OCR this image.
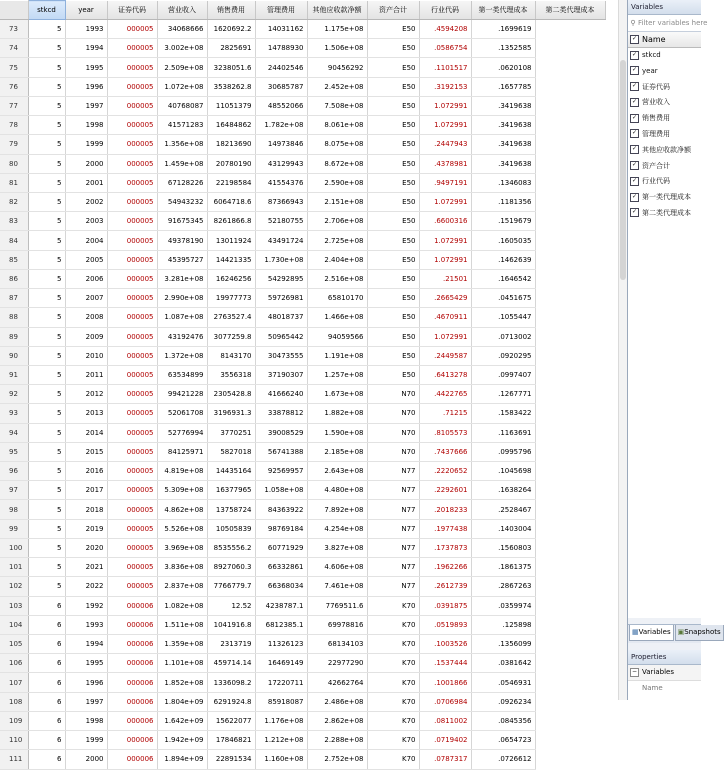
	stkcd	year	证券代码	营业收入	销售费用	管理费用	其他应收款净额	资产合计	行业代码	第一类代理成本	第二类代理成本
73	5	1993	000005	34068666	1620692.2	14031162	1.175e+08	E50	.4594208	.1699619	
74	5	1994	000005	3.002e+08	2825691	14788930	1.506e+08	E50	.0586754	.1352585	
75	5	1995	000005	2.509e+08	3238051.6	24402546	90456292	E50	.1101517	.0620108	
76	5	1996	000005	1.072e+08	3538262.8	30685787	2.452e+08	E50	.3192153	.1657785	
77	5	1997	000005	40768087	11051379	48552066	7.508e+08	E50	1.072991	.3419638	
78	5	1998	000005	41571283	16484862	1.782e+08	8.061e+08	E50	1.072991	.3419638	
79	5	1999	000005	1.356e+08	18213690	14973846	8.075e+08	E50	.2447943	.3419638	
80	5	2000	000005	1.459e+08	20780190	43129943	8.672e+08	E50	.4378981	.3419638	
81	5	2001	000005	67128226	22198584	41554376	2.590e+08	E50	.9497191	.1346083	
82	5	2002	000005	54943232	6064718.6	87366943	2.151e+08	E50	1.072991	.1181356	
83	5	2003	000005	91675345	8261866.8	52180755	2.706e+08	E50	.6600316	.1519679	
84	5	2004	000005	49378190	13011924	43491724	2.725e+08	E50	1.072991	.1605035	
85	5	2005	000005	45395727	14421335	1.730e+08	2.404e+08	E50	1.072991	.1462639	
86	5	2006	000005	3.281e+08	16246256	54292895	2.516e+08	E50	.21501	.1646542	
87	5	2007	000005	2.990e+08	19977773	59726981	65810170	E50	.2665429	.0451675	
88	5	2008	000005	1.087e+08	2763527.4	48018737	1.466e+08	E50	.4670911	.1055447	
89	5	2009	000005	43192476	3077259.8	50965442	94059566	E50	1.072991	.0713002	
90	5	2010	000005	1.372e+08	8143170	30473555	1.191e+08	E50	.2449587	.0920295	
91	5	2011	000005	63534899	3556318	37190307	1.257e+08	E50	.6413278	.0997407	
92	5	2012	000005	99421228	2305428.8	41666240	1.673e+08	N70	.4422765	.1267771	
93	5	2013	000005	52061708	3196931.3	33878812	1.882e+08	N70	.71215	.1583422	
94	5	2014	000005	52776994	3770251	39008529	1.590e+08	N70	.8105573	.1163691	
95	5	2015	000005	84125971	5827018	56741388	2.185e+08	N70	.7437666	.0995796	
96	5	2016	000005	4.819e+08	14435164	92569957	2.643e+08	N77	.2220652	.1045698	
97	5	2017	000005	5.309e+08	16377965	1.058e+08	4.480e+08	N77	.2292601	.1638264	
98	5	2018	000005	4.862e+08	13758724	84363922	7.892e+08	N77	.2018233	.2528467	
99	5	2019	000005	5.526e+08	10505839	98769184	4.254e+08	N77	.1977438	.1403004	
100	5	2020	000005	3.969e+08	8535556.2	60771929	3.827e+08	N77	.1737873	.1560803	
101	5	2021	000005	3.836e+08	8927060.3	66332861	4.606e+08	N77	.1962266	.1861375	
102	5	2022	000005	2.837e+08	7766779.7	66368034	7.461e+08	N77	.2612739	.2867263	
103	6	1992	000006	1.082e+08	12.52	4238787.1	7769511.6	K70	.0391875	.0359974	
104	6	1993	000006	1.511e+08	1041916.8	6812385.1	69978816	K70	.0519893	.125898	
105	6	1994	000006	1.359e+08	2313719	11326123	68134103	K70	.1003526	.1356099	
106	6	1995	000006	1.101e+08	459714.14	16469149	22977290	K70	.1537444	.0381642	
107	6	1996	000006	1.852e+08	1336098.2	17220711	42662764	K70	.1001866	.0546931	
108	6	1997	000006	1.804e+09	6291924.8	85918087	2.486e+08	K70	.0706984	.0926234	
109	6	1998	000006	1.642e+09	15622077	1.176e+08	2.862e+08	K70	.0811002	.0845356	
110	6	1999	000006	1.942e+09	17846821	1.212e+08	2.288e+08	K70	.0719402	.0654723	
111	6	2000	000006	1.894e+09	22891534	1.160e+08	2.752e+08	K70	.0787317	.0726612	
Variables
⚲ Filter variables here
✓ Name
✓ stkcd
✓ year
✓ 证券代码
✓ 营业收入
✓ 销售费用
✓ 管理费用
✓ 其他应收款净额
✓ 资产合计
✓ 行业代码
✓ 第一类代理成本
✓ 第二类代理成本
▦Variables ▣Snapshots
Properties
− Variables
Name
